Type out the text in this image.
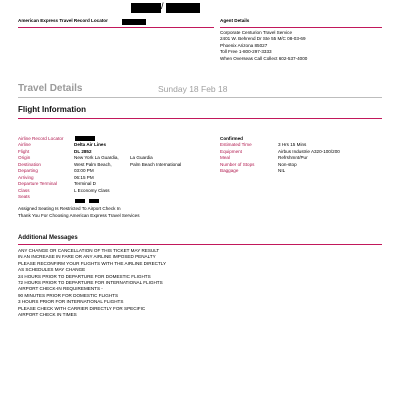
/
American Express Travel Record Locator	Agent Details
Corporate Centurion Travel Service
2401 W. Behrend Dr Ste 55 M/C 08-03-69
Phoenix Arizona 85027
Toll Free 1-800-297-3333
When Overseas Call Collect 602-537-4000
Travel Details	Sunday 18 Feb 18
Flight Information
Airline Record Locator
Airline	Delta Air Lines
Flight	DL 2852
Origin	New York La Guardia,	La Guardia
Destination	West Palm Beach,	Palm Beach International
Departing	03:00 PM
Arriving	06:15 PM
Departure Terminal	Terminal D
Class	L Economy Class
Seats
Assigned Seating Is Restricted To Airport Check In
Thank You For Choosing American Express Travel Services
Confirmed
Estimated Time	3 Hrs 15 Mins
Equipment	Airbus Industrie A320-100/200
Meal	Refrshmnt/Pur
Number of Stops	Non-stop
Baggage	NIL
Additional Messages
ANY CHANGE OR CANCELLATION OF THIS TICKET MAY RESULT
IN AN INCREASE IN FARE OR ANY AIRLINE IMPOSED PENALTY
PLEASE RECONFIRM YOUR FLIGHTS WITH THE AIRLINE DIRECTLY
AS SCHEDULES MAY CHANGE
24 HOURS PRIOR TO DEPARTURE FOR DOMESTIC FLIGHTS
72 HOURS PRIOR TO DEPARTURE FOR INTERNATIONAL FLIGHTS
AIRPORT CHECK-IN REQUIREMENTS -
90 MINUTES PRIOR FOR DOMESTIC FLIGHTS
3 HOURS PRIOR FOR INTERNATIONAL FLIGHTS
PLEASE CHECK WITH CARRIER DIRECTLY FOR SPECIFIC
AIRPORT CHECK IN TIMES
